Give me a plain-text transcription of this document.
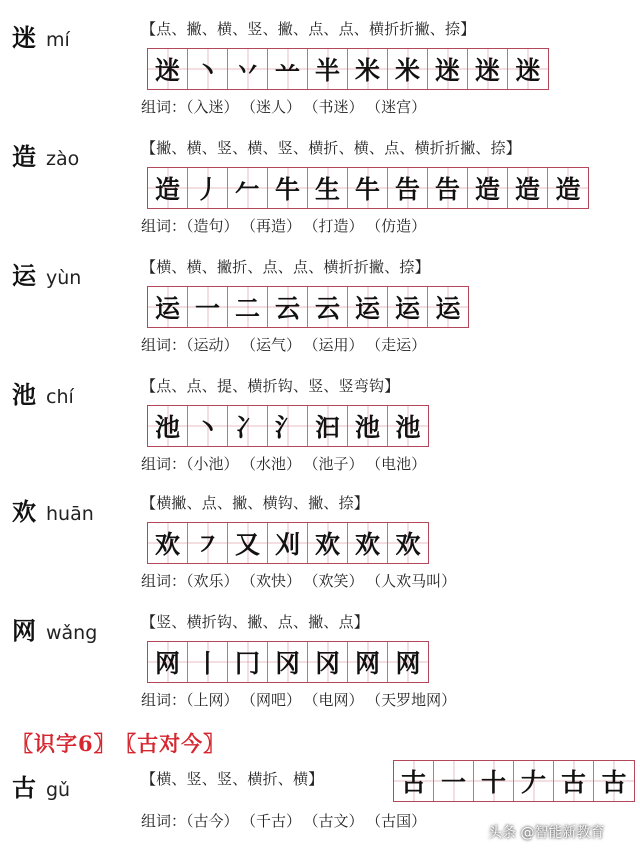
迷 mí	【点、撇、横、竖、撇、点、点、横折折撇、捺】
迷 丶 丷 䒑 半 米 米 迷 迷 迷
组词：（入迷） （迷人） （书迷） （迷宫）
造 zào	【撇、横、竖、横、竖、横折、横、点、横折折撇、捺】
造 丿 𠂉 牛 生 牛 告 告 造 造 造
组词：（造句） （再造） （打造） （仿造）
运 yùn	【横、横、撇折、点、点、横折折撇、捺】
运 一 二 云 云 运 运 运
组词：（运动） （运气） （运用） （走运）
池 chí	【点、点、提、横折钩、竖、竖弯钩】
池 丶 冫 氵 汩 池 池
组词：（小池） （水池） （池子） （电池）
欢 huān	【横撇、点、撇、横钩、撇、捺】
欢 ㇇ 又 刈 欢 欢 欢
组词：（欢乐） （欢快） （欢笑） （人欢马叫）
网 wǎng	【竖、横折钩、撇、点、撇、点】
网 丨 冂 冈 冈 网 网
组词：（上网） （网吧） （电网） （天罗地网）
古 gǔ	【横、竖、竖、横折、横】	古 一 十 𠂇 古 古
组词：（古今） （千古） （古文） （古国）
〖识字6〗 〖古对今〗
头条 @智能新教育
